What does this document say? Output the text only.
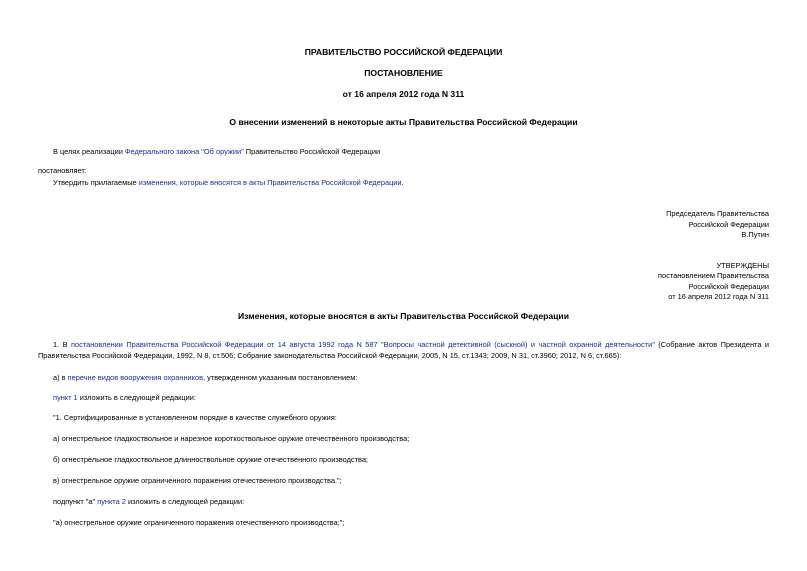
ПРАВИТЕЛЬСТВО РОССИЙСКОЙ ФЕДЕРАЦИИ
ПОСТАНОВЛЕНИЕ
от 16 апреля 2012 года N 311
О внесении изменений в некоторые акты Правительства Российской Федерации
В целях реализации Федерального закона "Об оружии" Правительство Российской Федерации
постановляет:
Утвердить прилагаемые изменения, которые вносятся в акты Правительства Российской Федерации.
Председатель Правительства
Российской Федерации
В.Путин
УТВЕРЖДЕНЫ
постановлением Правительства
Российской Федерации
от 16 апреля 2012 года N 311
Изменения, которые вносятся в акты Правительства Российской Федерации
1. В постановлении Правительства Российской Федерации от 14 августа 1992 года N 587 "Вопросы частной детективной (сыскной) и частной охранной деятельности" (Собрание актов Президента и Правительства Российской Федерации, 1992, N 8, ст.506; Собрание законодательства Российской Федерации, 2005, N 15, ст.1343; 2009, N 31, ст.3960; 2012, N 6, ст.665):
а) в перечне видов вооружения охранников, утвержденном указанным постановлением:
пункт 1 изложить в следующей редакции:
"1. Сертифицированные в установленном порядке в качестве служебного оружия:
а) огнестрельное гладкоствольное и нарезное короткоствольное оружие отечественного производства;
б) огнестрельное гладкоствольное длинноствольное оружие отечественного производства;
в) огнестрельное оружие ограниченного поражения отечественного производства.";
подпункт "а" пункта 2 изложить в следующей редакции:
"а) огнестрельное оружие ограниченного поражения отечественного производства;";
